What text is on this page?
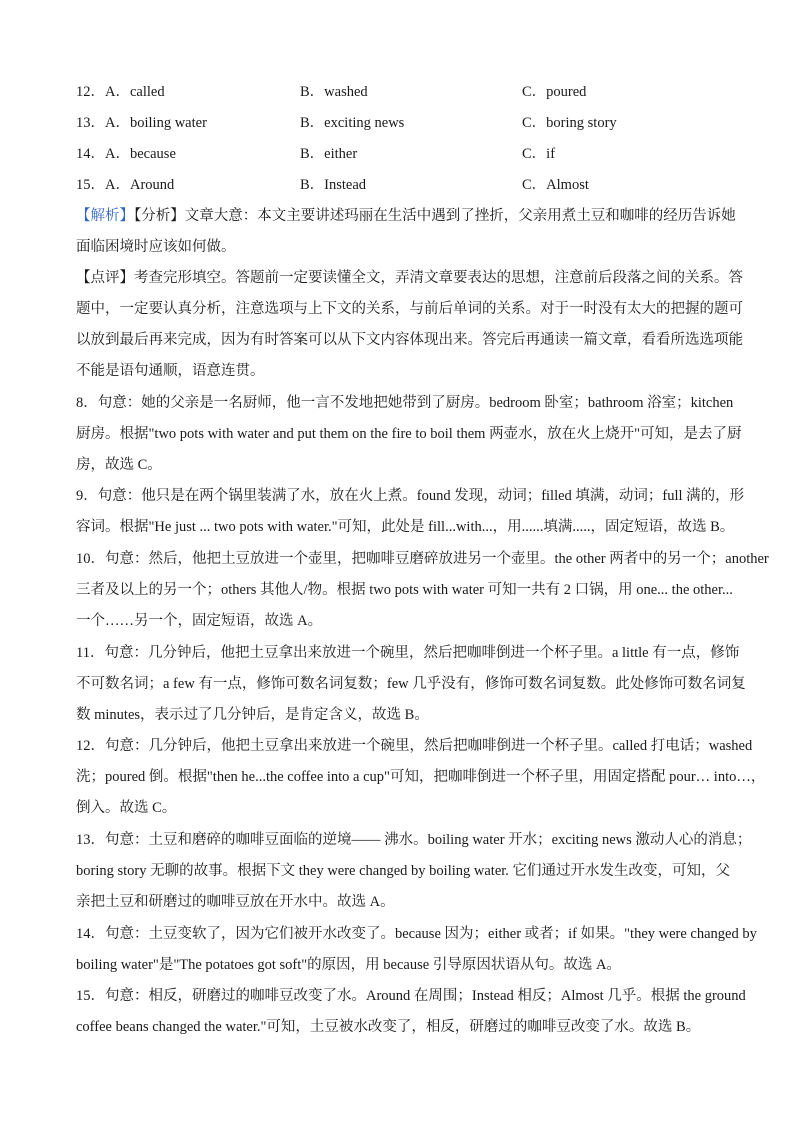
12．A． called	B．washed	C．poured
13．A． boiling water	B．exciting news	C．boring story
14．A． because	B．either	C．if
15．A． Around	B．Instead	C．Almost
【解析】【分析】文章大意：本文主要讲述玛丽在生活中遇到了挫折，父亲用煮土豆和咖啡的经历告诉她
面临困境时应该如何做。
【点评】考查完形填空。答题前一定要读懂全文，弄清文章要表达的思想，注意前后段落之间的关系。答
题中，一定要认真分析，注意选项与上下文的关系，与前后单词的关系。对于一时没有太大的把握的题可
以放到最后再来完成，因为有时答案可以从下文内容体现出来。答完后再通读一篇文章，看看所选选项能
不能是语句通顺，语意连贯。
8．句意：她的父亲是一名厨师，他一言不发地把她带到了厨房。bedroom 卧室；bathroom 浴室；kitchen
厨房。根据"two pots with water and put them on the fire to boil them 两壶水，放在火上烧开"可知，是去了厨
房，故选 C。
9．句意：他只是在两个锅里装满了水，放在火上煮。found 发现，动词；filled 填满，动词；full 满的，形
容词。根据"He just ... two pots with water."可知，此处是 fill...with...，用......填满.....，固定短语，故选 B。
10．句意：然后，他把土豆放进一个壶里，把咖啡豆磨碎放进另一个壶里。the other 两者中的另一个；another
三者及以上的另一个；others 其他人/物。根据 two pots with water 可知一共有 2 口锅，用 one... the other...
一个……另一个，固定短语，故选 A。
11．句意：几分钟后，他把土豆拿出来放进一个碗里，然后把咖啡倒进一个杯子里。a little 有一点，修饰
不可数名词；a few 有一点，修饰可数名词复数；few 几乎没有，修饰可数名词复数。此处修饰可数名词复
数 minutes，表示过了几分钟后，是肯定含义，故选 B。
12．句意：几分钟后，他把土豆拿出来放进一个碗里，然后把咖啡倒进一个杯子里。called 打电话；washed
洗；poured 倒。根据"then he...the coffee into a cup"可知，把咖啡倒进一个杯子里，用固定搭配 pour… into…，
倒入。故选 C。
13．句意：土豆和磨碎的咖啡豆面临的逆境—— 沸水。boiling water 开水；exciting news 激动人心的消息；
boring story 无聊的故事。根据下文 they were changed by boiling water. 它们通过开水发生改变，可知，父
亲把土豆和研磨过的咖啡豆放在开水中。故选 A。
14．句意：土豆变软了，因为它们被开水改变了。because 因为；either 或者；if 如果。"they were changed by
boiling water"是"The potatoes got soft"的原因，用 because 引导原因状语从句。故选 A。
15．句意：相反，研磨过的咖啡豆改变了水。Around 在周围；Instead 相反；Almost 几乎。根据 the ground
coffee beans changed the water."可知，土豆被水改变了，相反，研磨过的咖啡豆改变了水。故选 B。
